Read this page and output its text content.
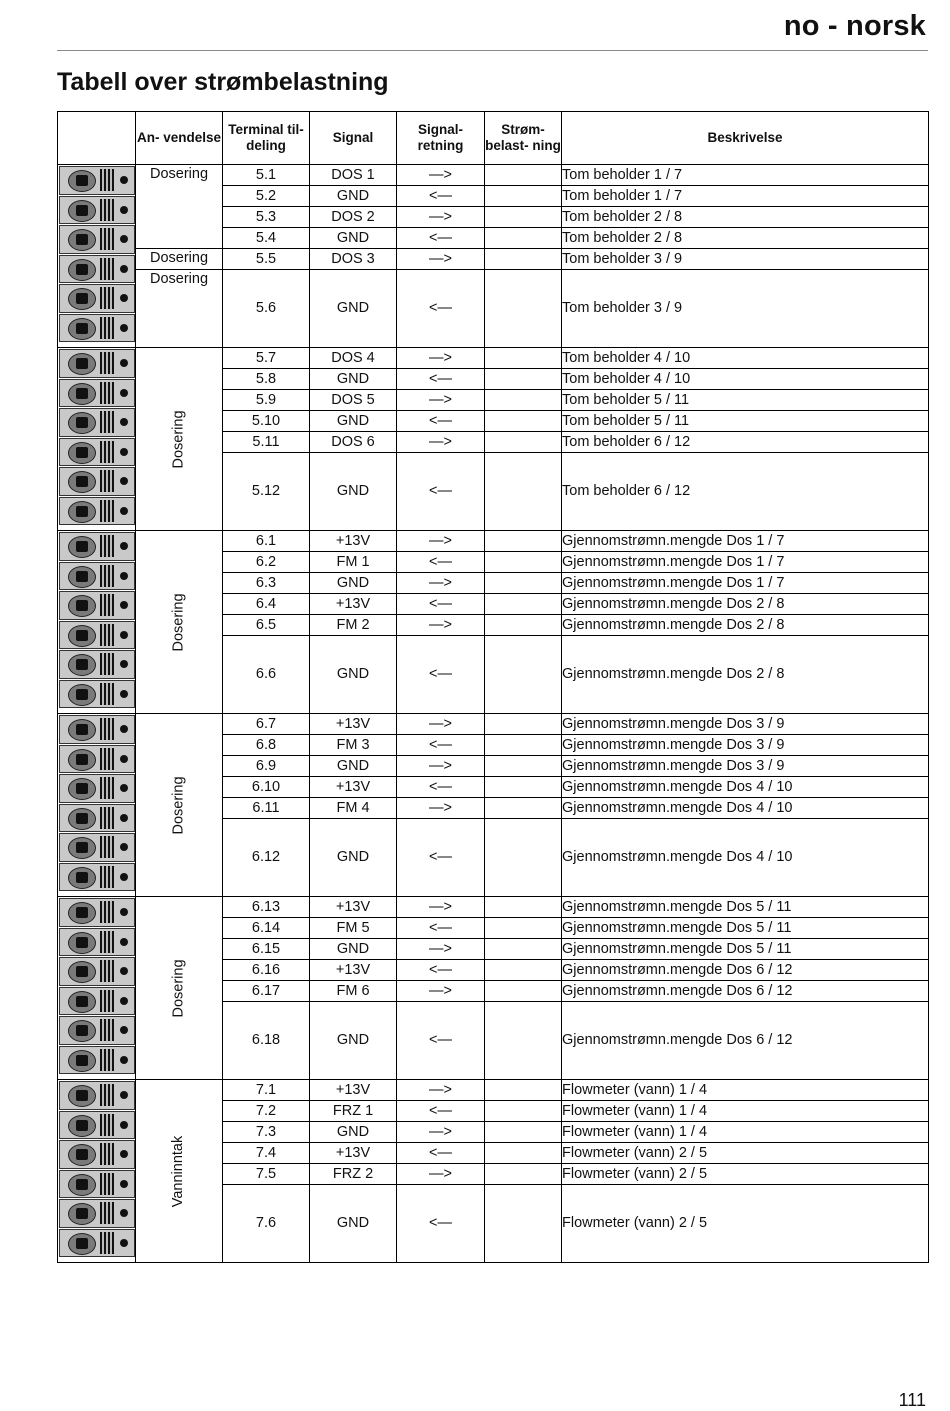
no - norsk
Tabell over strømbelastning
	An- vendelse	Terminal til- deling	Signal	Signal- retning	Strøm- belast- ning	Beskrivelse

	Dosering	5.1	DOS 1	—>		Tom beholder 1 / 7
		5.2	GND	<—		Tom beholder 1 / 7
		5.3	DOS 2	—>		Tom beholder 2 / 8
		5.4	GND	<—		Tom beholder 2 / 8
	Dosering	5.5	DOS 3	—>		Tom beholder 3 / 9
	Dosering	5.6	GND	<—		Tom beholder 3 / 9

	Dosering	5.7	DOS 4	—>		Tom beholder 4 / 10
		5.8	GND	<—		Tom beholder 4 / 10
		5.9	DOS 5	—>		Tom beholder 5 / 11
		5.10	GND	<—		Tom beholder 5 / 11
		5.11	DOS 6	—>		Tom beholder 6 / 12
		5.12	GND	<—		Tom beholder 6 / 12

	Dosering	6.1	+13V	—>		Gjennomstrømn.mengde Dos 1 / 7
		6.2	FM 1	<—		Gjennomstrømn.mengde Dos 1 / 7
		6.3	GND	—>		Gjennomstrømn.mengde Dos 1 / 7
		6.4	+13V	<—		Gjennomstrømn.mengde Dos 2 / 8
		6.5	FM 2	—>		Gjennomstrømn.mengde Dos 2 / 8
		6.6	GND	<—		Gjennomstrømn.mengde Dos 2 / 8

	Dosering	6.7	+13V	—>		Gjennomstrømn.mengde Dos 3 / 9
		6.8	FM 3	<—		Gjennomstrømn.mengde Dos 3 / 9
		6.9	GND	—>		Gjennomstrømn.mengde Dos 3 / 9
		6.10	+13V	<—		Gjennomstrømn.mengde Dos 4 / 10
		6.11	FM 4	—>		Gjennomstrømn.mengde Dos 4 / 10
		6.12	GND	<—		Gjennomstrømn.mengde Dos 4 / 10

	Dosering	6.13	+13V	—>		Gjennomstrømn.mengde Dos 5 / 11
		6.14	FM 5	<—		Gjennomstrømn.mengde Dos 5 / 11
		6.15	GND	—>		Gjennomstrømn.mengde Dos 5 / 11
		6.16	+13V	<—		Gjennomstrømn.mengde Dos 6 / 12
		6.17	FM 6	—>		Gjennomstrømn.mengde Dos 6 / 12
		6.18	GND	<—		Gjennomstrømn.mengde Dos 6 / 12

	Vanninntak	7.1	+13V	—>		Flowmeter (vann) 1 / 4
		7.2	FRZ 1	<—		Flowmeter (vann) 1 / 4
		7.3	GND	—>		Flowmeter (vann) 1 / 4
		7.4	+13V	<—		Flowmeter (vann) 2 / 5
		7.5	FRZ 2	—>		Flowmeter (vann) 2 / 5
		7.6	GND	<—		Flowmeter (vann) 2 / 5
111
